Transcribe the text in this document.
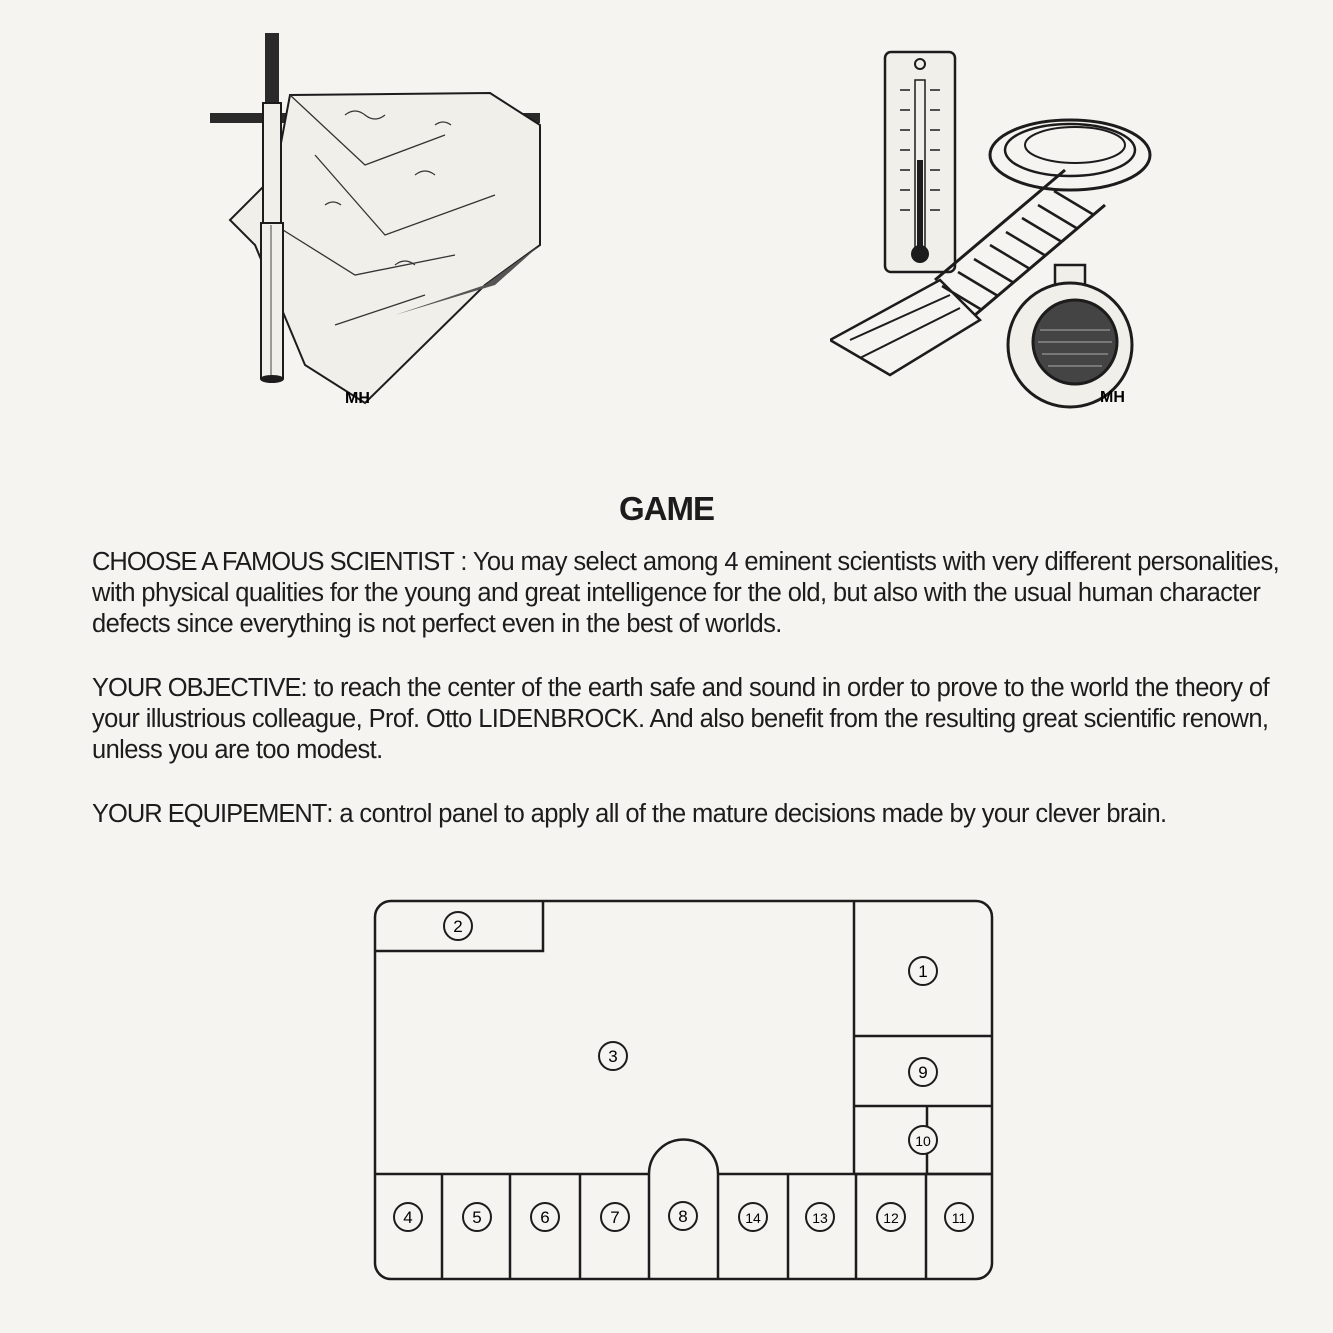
MH	MH
GAME
CHOOSE A FAMOUS SCIENTIST : You may select among 4 eminent scientists with very different personalities, with physical qualities for the young and great intelligence for the old, but also with the usual human character defects since everything is not perfect even in the best of worlds.
YOUR OBJECTIVE: to reach the center of the earth safe and sound in order to prove to the world the theory of your illustrious colleague, Prof. Otto LIDENBROCK. And also benefit from the resulting great scientific renown, unless you are too modest.
YOUR EQUIPEMENT: a control panel to apply all of the mature decisions made by your clever brain.
1
2
3
4	5	6	7	8
9
10
11
12
13
14
